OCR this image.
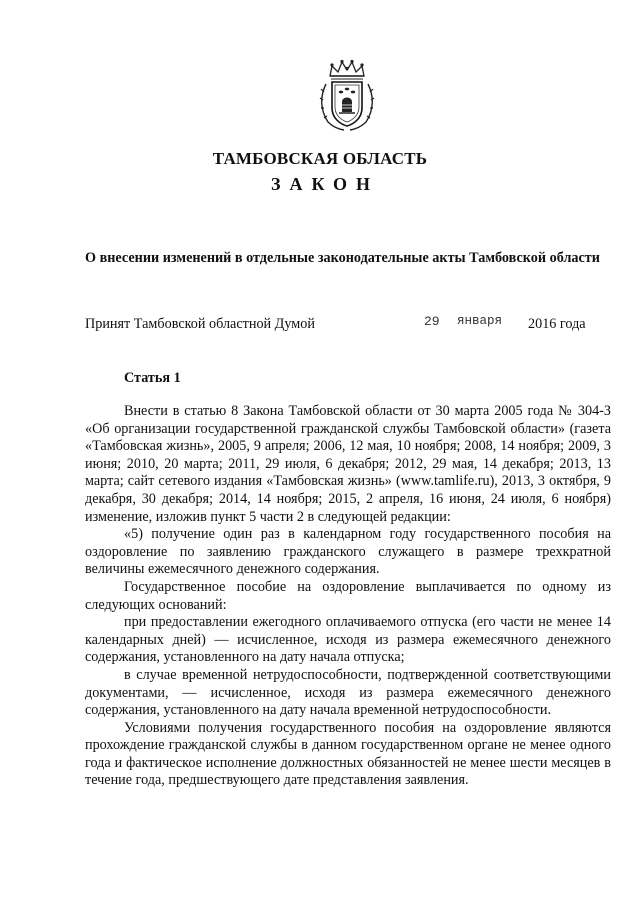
ТАМБОВСКАЯ ОБЛАСТЬ
ЗАКОН
О внесении изменений в отдельные законодательные акты Тамбовской области
Принят Тамбовской областной Думой	29 января 2016 года
Статья 1

Внести в статью 8 Закона Тамбовской области от 30 марта 2005 года № 304-З «Об организации государственной гражданской службы Тамбовской области» (газета «Тамбовская жизнь», 2005, 9 апреля; 2006, 12 мая, 10 ноября; 2008, 14 ноября; 2009, 3 июня; 2010, 20 марта; 2011, 29 июля, 6 декабря; 2012, 29 мая, 14 декабря; 2013, 13 марта; сайт сетевого издания «Тамбовская жизнь» (www.tamlife.ru), 2013, 3 октября, 9 декабря, 30 декабря; 2014, 14 ноября; 2015, 2 апреля, 16 июня, 24 июля, 6 ноября) изменение, изложив пункт 5 части 2 в следующей редакции:

«5) получение один раз в календарном году государственного пособия на оздоровление по заявлению гражданского служащего в размере трехкратной величины ежемесячного денежного содержания.

Государственное пособие на оздоровление выплачивается по одному из следующих оснований:

при предоставлении ежегодного оплачиваемого отпуска (его части не менее 14 календарных дней) — исчисленное, исходя из размера ежемесячного денежного содержания, установленного на дату начала отпуска;

в случае временной нетрудоспособности, подтвержденной соответствующими документами, — исчисленное, исходя из размера ежемесячного денежного содержания, установленного на дату начала временной нетрудоспособности.

Условиями получения государственного пособия на оздоровление являются прохождение гражданской службы в данном государственном органе не менее одного года и фактическое исполнение должностных обязанностей не менее шести месяцев в течение года, предшествующего дате представления заявления.
